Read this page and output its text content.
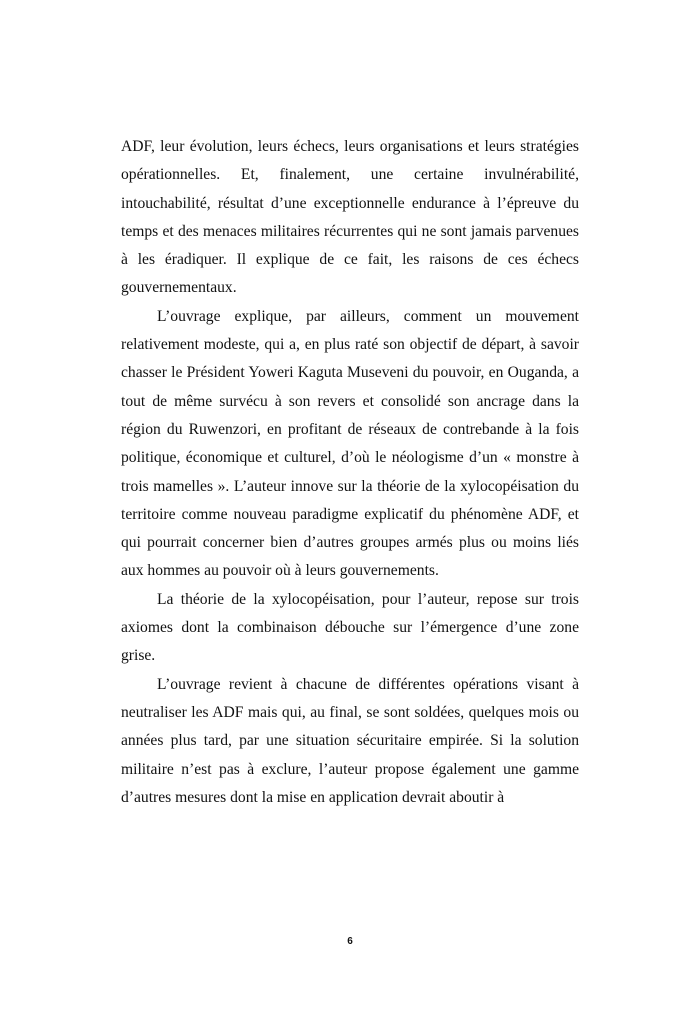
ADF, leur évolution, leurs échecs, leurs organisations et leurs stratégies opérationnelles. Et, finalement, une certaine invulnérabilité, intouchabilité, résultat d’une exceptionnelle endurance à l’épreuve du temps et des menaces militaires récurrentes qui ne sont jamais parvenues à les éradiquer. Il explique de ce fait, les raisons de ces échecs gouvernementaux.

L’ouvrage explique, par ailleurs, comment un mouvement relativement modeste, qui a, en plus raté son objectif de départ, à savoir chasser le Président Yoweri Kaguta Museveni du pouvoir, en Ouganda, a tout de même survécu à son revers et consolidé son ancrage dans la région du Ruwenzori, en profitant de réseaux de contrebande à la fois politique, économique et culturel, d’où le néologisme d’un « monstre à trois mamelles ». L’auteur innove sur la théorie de la xylocopéisation du territoire comme nouveau paradigme explicatif du phénomène ADF, et qui pourrait concerner bien d’autres groupes armés plus ou moins liés aux hommes au pouvoir où à leurs gouvernements.

La théorie de la xylocopéisation, pour l’auteur, repose sur trois axiomes dont la combinaison débouche sur l’émergence d’une zone grise.

L’ouvrage revient à chacune de différentes opérations visant à neutraliser les ADF mais qui, au final, se sont soldées, quelques mois ou années plus tard, par une situation sécuritaire empirée. Si la solution militaire n’est pas à exclure, l’auteur propose également une gamme d’autres mesures dont la mise en application devrait aboutir à

6
